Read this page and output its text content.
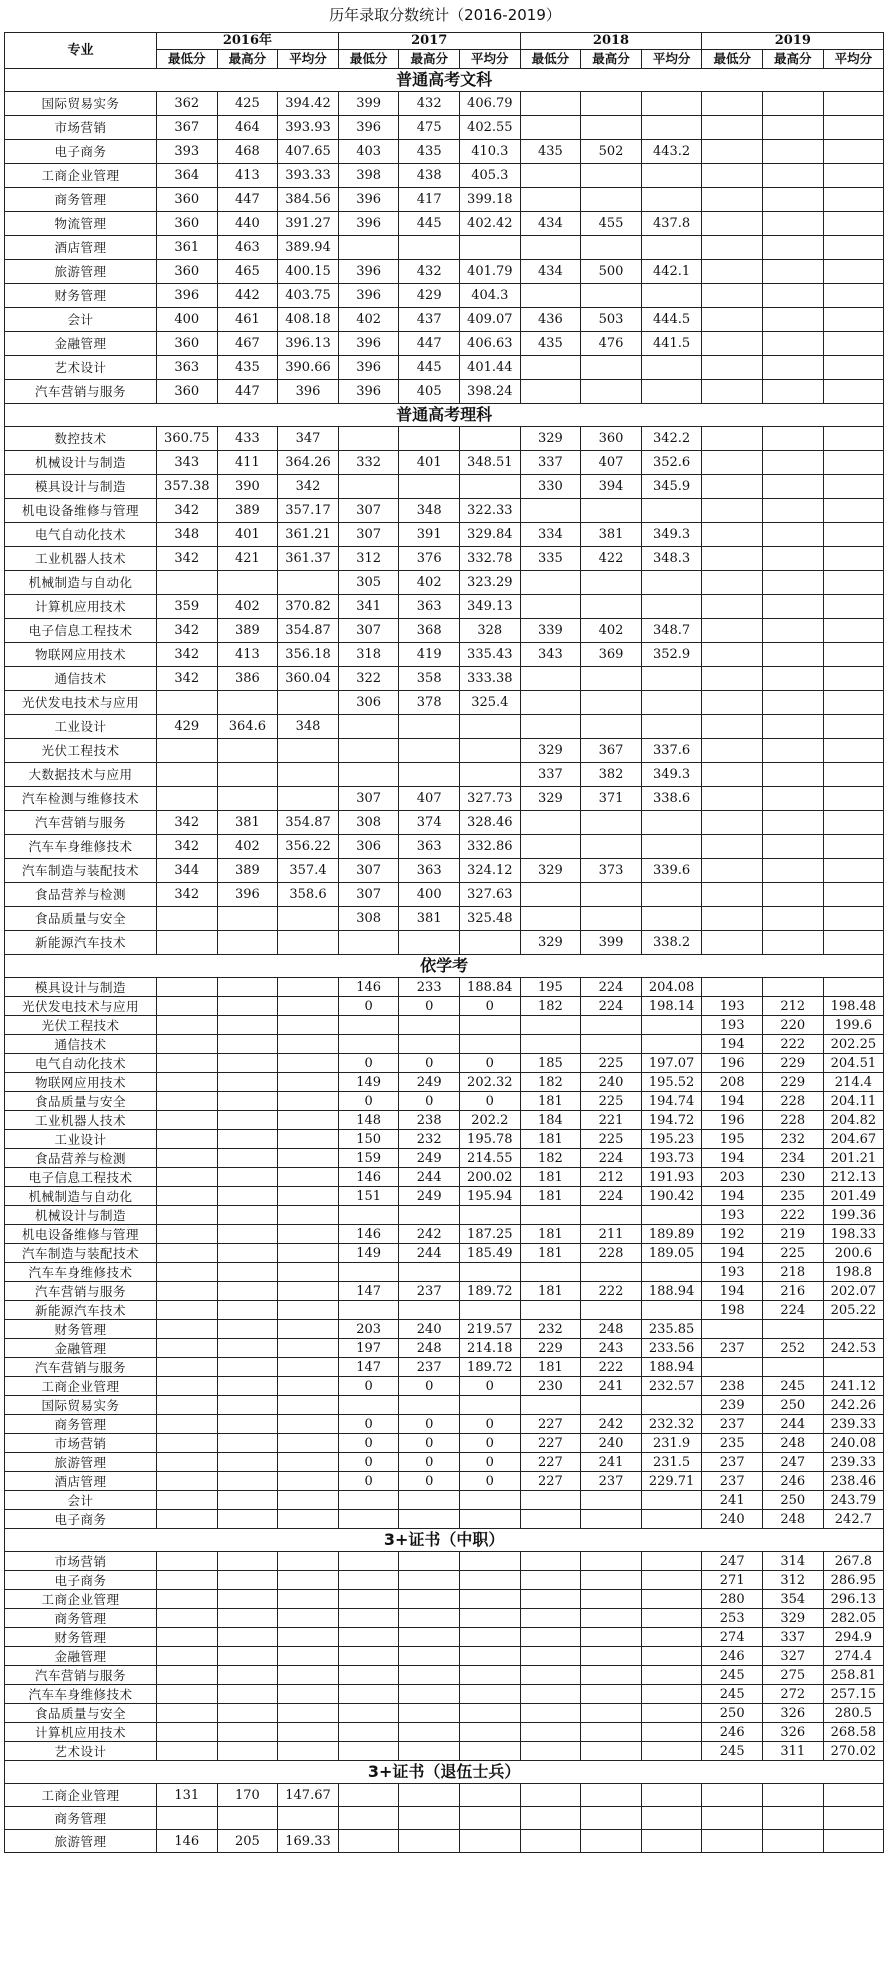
历年录取分数统计（2016-2019）
专业	2016年			2017			2018			2019		
	最低分	最高分	平均分	最低分	最高分	平均分	最低分	最高分	平均分	最低分	最高分	平均分
普通高考文科												
国际贸易实务	362	425	394.42	399	432	406.79						
市场营销	367	464	393.93	396	475	402.55						
电子商务	393	468	407.65	403	435	410.3	435	502	443.2			
工商企业管理	364	413	393.33	398	438	405.3						
商务管理	360	447	384.56	396	417	399.18						
物流管理	360	440	391.27	396	445	402.42	434	455	437.8			
酒店管理	361	463	389.94									
旅游管理	360	465	400.15	396	432	401.79	434	500	442.1			
财务管理	396	442	403.75	396	429	404.3						
会计	400	461	408.18	402	437	409.07	436	503	444.5			
金融管理	360	467	396.13	396	447	406.63	435	476	441.5			
艺术设计	363	435	390.66	396	445	401.44						
汽车营销与服务	360	447	396	396	405	398.24						
普通高考理科												
数控技术	360.75	433	347				329	360	342.2			
机械设计与制造	343	411	364.26	332	401	348.51	337	407	352.6			
模具设计与制造	357.38	390	342				330	394	345.9			
机电设备维修与管理	342	389	357.17	307	348	322.33						
电气自动化技术	348	401	361.21	307	391	329.84	334	381	349.3			
工业机器人技术	342	421	361.37	312	376	332.78	335	422	348.3			
机械制造与自动化				305	402	323.29						
计算机应用技术	359	402	370.82	341	363	349.13						
电子信息工程技术	342	389	354.87	307	368	328	339	402	348.7			
物联网应用技术	342	413	356.18	318	419	335.43	343	369	352.9			
通信技术	342	386	360.04	322	358	333.38						
光伏发电技术与应用				306	378	325.4						
工业设计	429	364.6	348									
光伏工程技术							329	367	337.6			
大数据技术与应用							337	382	349.3			
汽车检测与维修技术				307	407	327.73	329	371	338.6			
汽车营销与服务	342	381	354.87	308	374	328.46						
汽车车身维修技术	342	402	356.22	306	363	332.86						
汽车制造与装配技术	344	389	357.4	307	363	324.12	329	373	339.6			
食品营养与检测	342	396	358.6	307	400	327.63						
食品质量与安全				308	381	325.48						
新能源汽车技术							329	399	338.2			
依学考												
模具设计与制造				146	233	188.84	195	224	204.08			
光伏发电技术与应用				0	0	0	182	224	198.14	193	212	198.48
光伏工程技术										193	220	199.6
通信技术										194	222	202.25
电气自动化技术				0	0	0	185	225	197.07	196	229	204.51
物联网应用技术				149	249	202.32	182	240	195.52	208	229	214.4
食品质量与安全				0	0	0	181	225	194.74	194	228	204.11
工业机器人技术				148	238	202.2	184	221	194.72	196	228	204.82
工业设计				150	232	195.78	181	225	195.23	195	232	204.67
食品营养与检测				159	249	214.55	182	224	193.73	194	234	201.21
电子信息工程技术				146	244	200.02	181	212	191.93	203	230	212.13
机械制造与自动化				151	249	195.94	181	224	190.42	194	235	201.49
机械设计与制造										193	222	199.36
机电设备维修与管理				146	242	187.25	181	211	189.89	192	219	198.33
汽车制造与装配技术				149	244	185.49	181	228	189.05	194	225	200.6
汽车车身维修技术										193	218	198.8
汽车营销与服务				147	237	189.72	181	222	188.94	194	216	202.07
新能源汽车技术										198	224	205.22
财务管理				203	240	219.57	232	248	235.85			
金融管理				197	248	214.18	229	243	233.56	237	252	242.53
汽车营销与服务				147	237	189.72	181	222	188.94			
工商企业管理				0	0	0	230	241	232.57	238	245	241.12
国际贸易实务										239	250	242.26
商务管理				0	0	0	227	242	232.32	237	244	239.33
市场营销				0	0	0	227	240	231.9	235	248	240.08
旅游管理				0	0	0	227	241	231.5	237	247	239.33
酒店管理				0	0	0	227	237	229.71	237	246	238.46
会计										241	250	243.79
电子商务										240	248	242.7
3+证书（中职）												
市场营销										247	314	267.8
电子商务										271	312	286.95
工商企业管理										280	354	296.13
商务管理										253	329	282.05
财务管理										274	337	294.9
金融管理										246	327	274.4
汽车营销与服务										245	275	258.81
汽车车身维修技术										245	272	257.15
食品质量与安全										250	326	280.5
计算机应用技术										246	326	268.58
艺术设计										245	311	270.02
3+证书（退伍士兵）												
工商企业管理	131	170	147.67									
商务管理												
旅游管理	146	205	169.33									
